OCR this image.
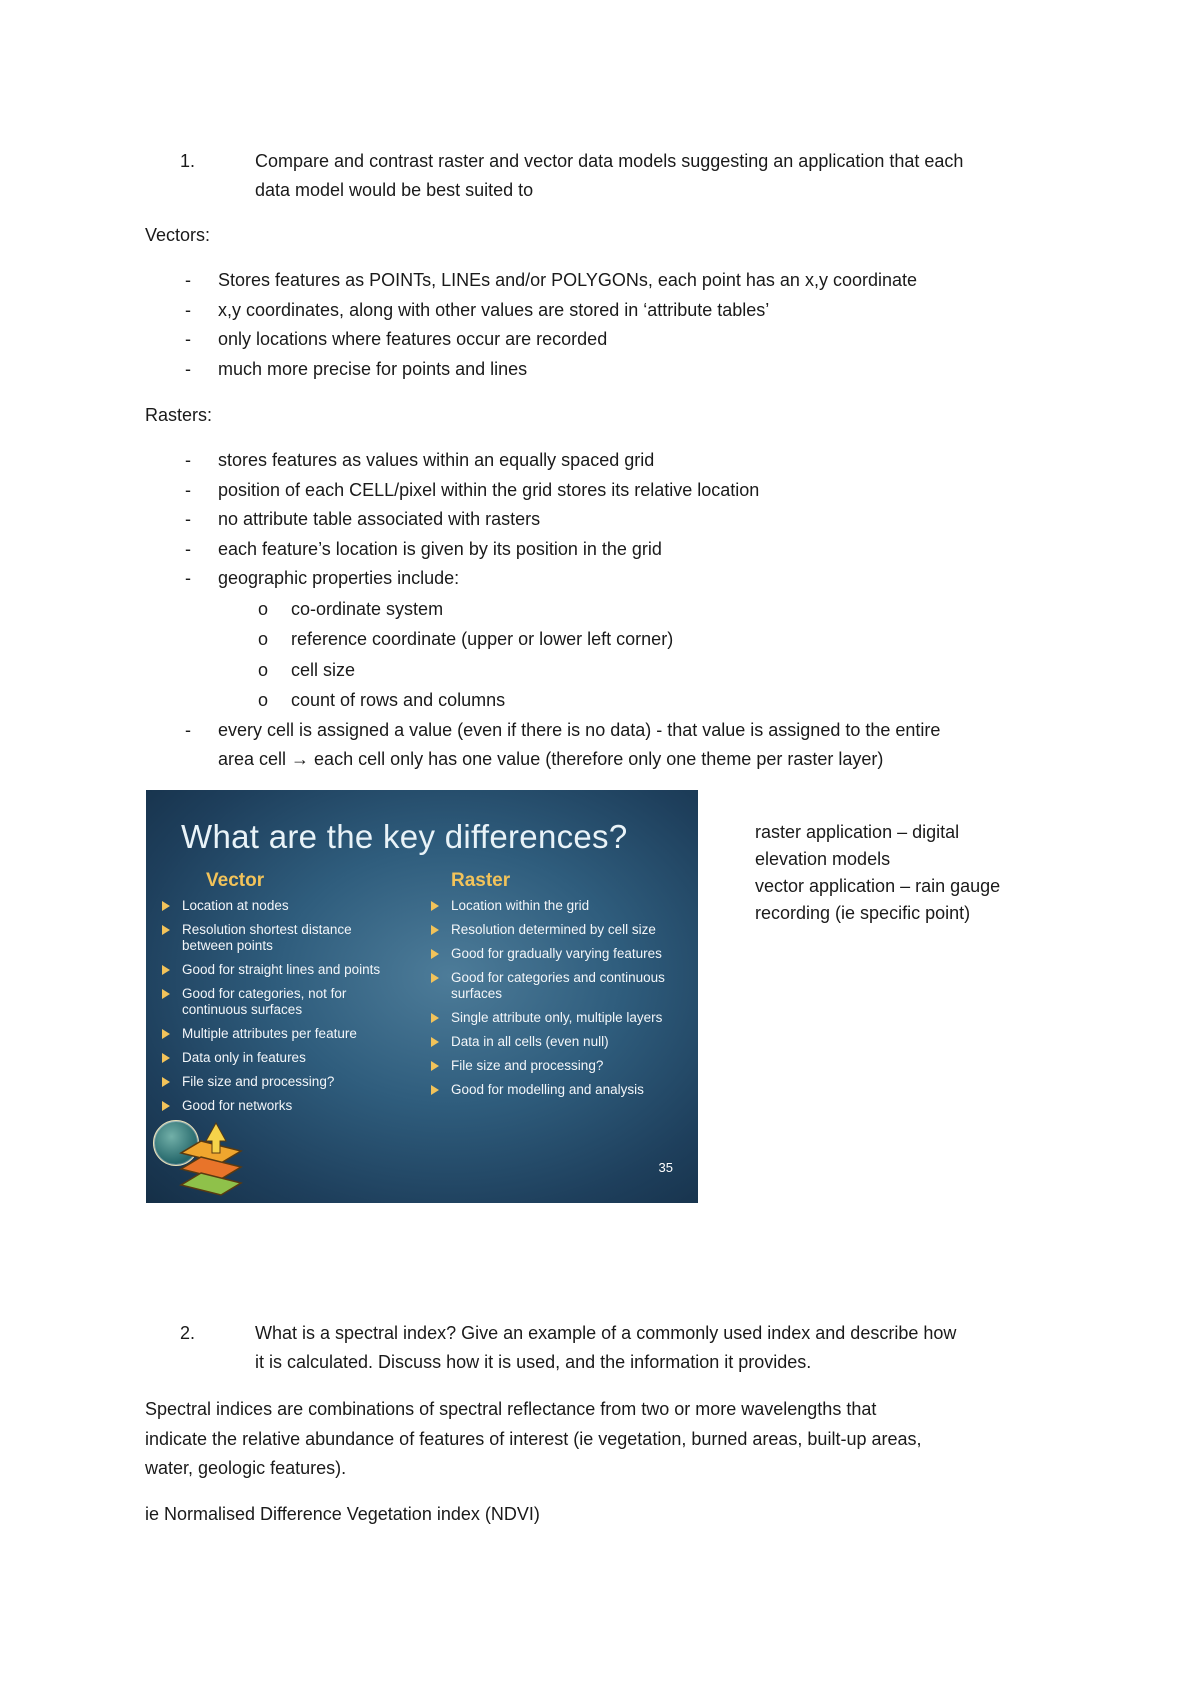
1.	Compare and contrast raster and vector data models suggesting an application that each
data model would be best suited to
Vectors:
- Stores features as POINTs, LINEs and/or POLYGONs, each point has an x,y coordinate
- x,y coordinates, along with other values are stored in ‘attribute tables’
- only locations where features occur are recorded
- much more precise for points and lines
Rasters:
- stores features as values within an equally spaced grid
- position of each CELL/pixel within the grid stores its relative location
- no attribute table associated with rasters
- each feature’s location is given by its position in the grid
- geographic properties include:
o co-ordinate system
o reference coordinate (upper or lower left corner)
o cell size
o count of rows and columns
- every cell is assigned a value (even if there is no data) - that value is assigned to the entire
area cell → each cell only has one value (therefore only one theme per raster layer)
What are the key differences?
Vector	Raster
Location at nodes
Resolution shortest distance between points
Good for straight lines and points
Good for categories, not for continuous surfaces
Multiple attributes per feature
Data only in features
File size and processing?
Good for networks
Location within the grid
Resolution determined by cell size
Good for gradually varying features
Good for categories and continuous surfaces
Single attribute only, multiple layers
Data in all cells (even null)
File size and processing?
Good for modelling and analysis
35
raster application – digital
elevation models
vector application – rain gauge
recording (ie specific point)
2.	What is a spectral index? Give an example of a commonly used index and describe how
it is calculated. Discuss how it is used, and the information it provides.
Spectral indices are combinations of spectral reflectance from two or more wavelengths that
indicate the relative abundance of features of interest (ie vegetation, burned areas, built-up areas,
water, geologic features).
ie Normalised Difference Vegetation index (NDVI)
